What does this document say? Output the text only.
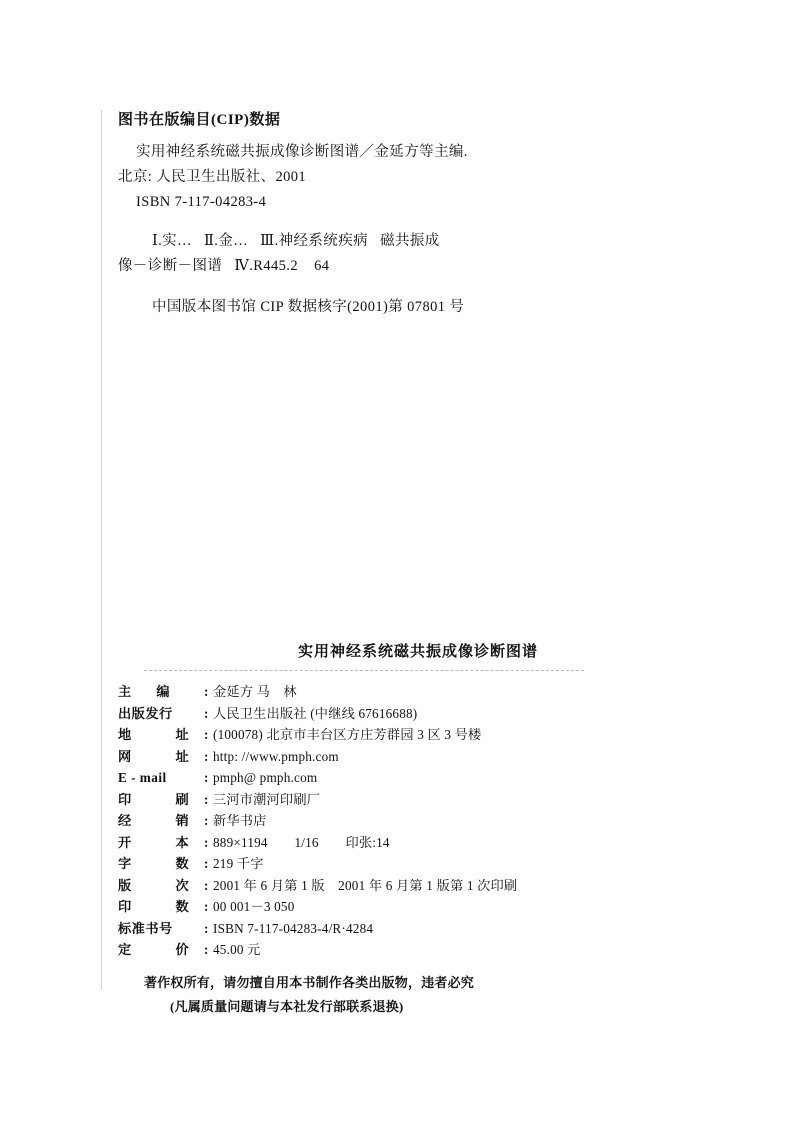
图书在版编目(CIP)数据
实用神经系统磁共振成像诊断图谱／金延方等主编.
北京: 人民卫生出版社、2001
ISBN 7-117-04283-4
Ⅰ.实…   Ⅱ.金…   Ⅲ.神经系统疾病   磁共振成
像－诊断－图谱   Ⅳ.R445.2    64
中国版本图书馆 CIP 数据核字(2001)第 07801 号
实用神经系统磁共振成像诊断图谱
主　编	: 金延方 马　林
出版发行	: 人民卫生出版社 (中继线 67616688)
地　　址 : (100078) 北京市丰台区方庄芳群园 3 区 3 号楼
网　　址 : http: //www.pmph.com
E - mail	: pmph@ pmph.com
印　　刷 : 三河市潮河印刷厂
经　　销 : 新华书店
开　　本 : 889×1194　　1/16　　印张:14
字　　数 : 219 千字
版　　次 : 2001 年 6 月第 1 版　2001 年 6 月第 1 版第 1 次印刷
印　　数 : 00 001－3 050
标准书号	: ISBN 7-117-04283-4/R·4284
定　　价 : 45.00 元
著作权所有，请勿擅自用本书制作各类出版物，违者必究
(凡属质量问题请与本社发行部联系退换)
